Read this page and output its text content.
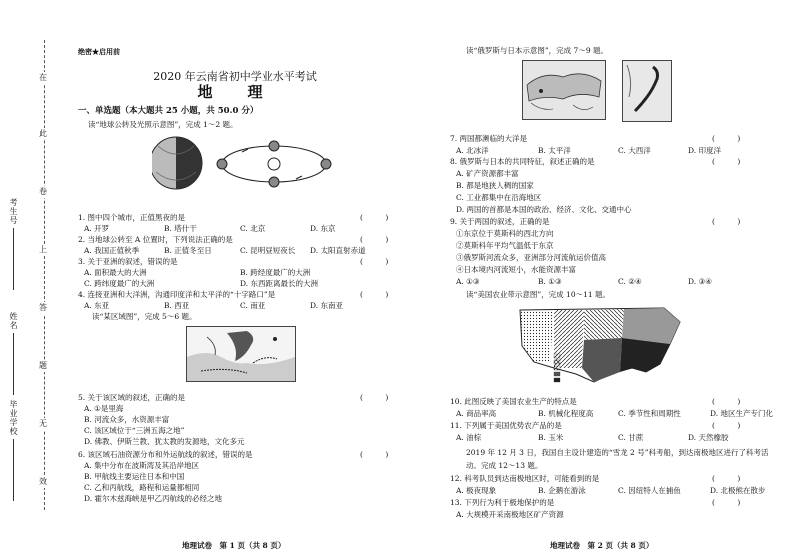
在
此
卷
上
答
题
无
效
考生号
姓名
毕业学校
绝密★启用前
2020 年云南省初中学业水平考试
地　理
一、单选题（本大题共 25 小题，共 50.0 分）
读“地球公转及光照示意图”，完成 1～2 题。
1. 图中四个城市，正值黑夜的是	(　　　)
A. 开罗	B. 塔什干	C. 北京	D. 东京
2. 当地球公转至 A 位置时，下列说法正确的是	(　　　)
A. 我国正值秋季	B. 正值冬至日	C. 昆明昼短夜长 D. 太阳直射赤道
3. 关于亚洲的叙述，错误的是	(　　　)
A. 面积最大的大洲	B. 跨经度最广的大洲
C. 跨纬度最广的大洲	D. 东西距离最长的大洲
4. 连接亚洲和大洋洲，沟通印度洋和太平洋的“十字路口”是	(　　　)
A. 东亚	B. 西亚	C. 南亚	D. 东南亚
读“某区域图”，完成 5～6 题。
5. 关于该区域的叙述，正确的是	(　　　)
A. ①是里海
B. 河流众多，水资源丰富
C. 该区域位于“三洲五海之地”
D. 佛教、伊斯兰教、犹太教的发源地，文化多元
6. 该区域石油资源分布和外运航线的叙述，错误的是	(　　　)
A. 集中分布在波斯湾及其沿岸地区
B. 甲航线主要运往日本和中国
C. 乙和丙航线，路程和运量都相同
D. 霍尔木兹海峡是甲乙丙航线的必经之地
地理试卷　第 1 页（共 8 页）
读“俄罗斯与日本示意图”，完成 7～9 题。
7. 两国都濒临的大洋是	(　　　)
A. 北冰洋	B. 太平洋	C. 大西洋	D. 印度洋
8. 俄罗斯与日本的共同特征，叙述正确的是	(　　　)
A. 矿产资源都丰富
B. 都是地狭人稠的国家
C. 工业都集中在沿海地区
D. 两国的首都是本国的政治、经济、文化、交通中心
9. 关于两国的叙述，正确的是	(　　　)
①东京位于莫斯科的西北方向
②莫斯科年平均气温低于东京
③俄罗斯河流众多，亚洲部分河流航运价值高
④日本境内河流短小，水能资源丰富
A. ①③	B. ①③	C. ②④	D. ③④
读“美国农业带示意图”，完成 10～11 题。
10. 此图反映了美国农业生产的特点是	(　　　)
A. 商品率高	B. 机械化程度高	C. 季节性和周期性	D. 地区生产专门化
11. 下列属于美国优势农产品的是	(　　　)
A. 油棕	B. 玉米	C. 甘蔗	D. 天然橡胶
2019 年 12 月 3 日，我国自主设计建造的“雪龙 2 号”科考船，到达南极地区进行了科考活动。完成 12～13 题。
12. 科考队员到达南极地区时，可能看到的是	(　　　)
A. 极夜现象	B. 企鹅在游泳	C. 因纽特人在捕鱼	D. 北极熊在散步
13. 下列行为利于极地保护的是	(　　　)
A. 大规模开采南极地区矿产资源
地理试卷　第 2 页（共 8 页）
